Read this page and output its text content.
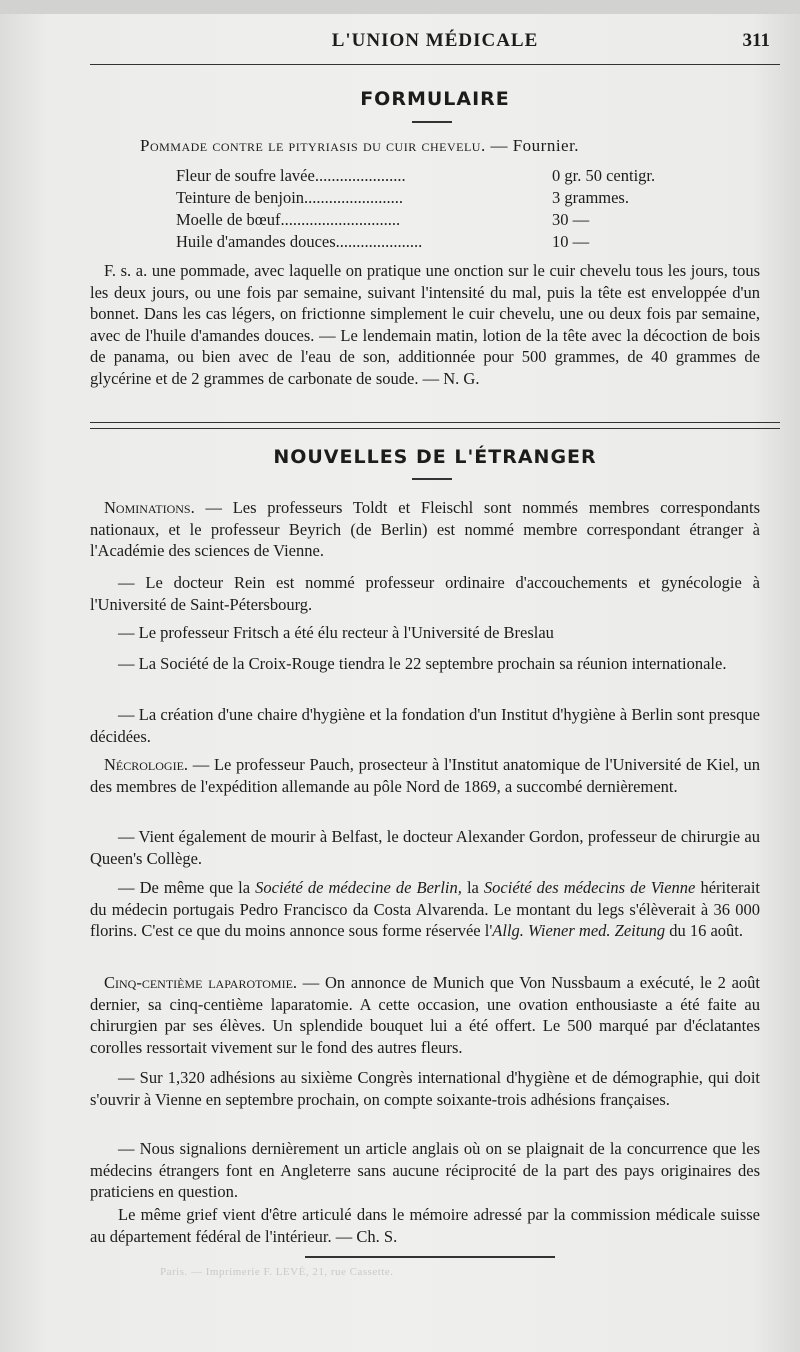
L'UNION MÉDICALE	311
FORMULAIRE
Pommade contre le pityriasis du cuir chevelu. — Fournier.
Fleur de soufre lavée......................	0 gr. 50 centigr.
Teinture de benjoin........................	3 grammes.
Moelle de bœuf.............................	30 —
Huile d'amandes douces.....................	10 —

F. s. a. une pommade, avec laquelle on pratique une onction sur le cuir chevelu tous les jours, tous les deux jours, ou une fois par semaine, suivant l'intensité du mal, puis la tête est enveloppée d'un bonnet. Dans les cas légers, on frictionne simplement le cuir chevelu, une ou deux fois par semaine, avec de l'huile d'amandes douces. — Le lendemain matin, lotion de la tête avec la décoction de bois de panama, ou bien avec de l'eau de son, additionnée pour 500 grammes, de 40 grammes de glycérine et de 2 grammes de carbonate de soude. — N. G.

NOUVELLES DE L'ÉTRANGER

Nominations. — Les professeurs Toldt et Fleischl sont nommés membres correspondants nationaux, et le professeur Beyrich (de Berlin) est nommé membre correspondant étranger à l'Académie des sciences de Vienne.

— Le docteur Rein est nommé professeur ordinaire d'accouchements et gynécologie à l'Université de Saint-Pétersbourg.

— Le professeur Fritsch a été élu recteur à l'Université de Breslau

— La Société de la Croix-Rouge tiendra le 22 septembre prochain sa réunion internationale.

— La création d'une chaire d'hygiène et la fondation d'un Institut d'hygiène à Berlin sont presque décidées.

Nécrologie. — Le professeur Pauch, prosecteur à l'Institut anatomique de l'Université de Kiel, un des membres de l'expédition allemande au pôle Nord de 1869, a succombé dernièrement.

— Vient également de mourir à Belfast, le docteur Alexander Gordon, professeur de chirurgie au Queen's Collège.

— De même que la Société de médecine de Berlin, la Société des médecins de Vienne hériterait du médecin portugais Pedro Francisco da Costa Alvarenda. Le montant du legs s'élèverait à 36 000 florins. C'est ce que du moins annonce sous forme réservée l'Allg. Wiener med. Zeitung du 16 août.

Cinq-centième laparotomie. — On annonce de Munich que Von Nussbaum a exécuté, le 2 août dernier, sa cinq-centième laparatomie. A cette occasion, une ovation enthousiaste a été faite au chirurgien par ses élèves. Un splendide bouquet lui a été offert. Le 500 marqué par d'éclatantes corolles ressortait vivement sur le fond des autres fleurs.

— Sur 1,320 adhésions au sixième Congrès international d'hygiène et de démographie, qui doit s'ouvrir à Vienne en septembre prochain, on compte soixante-trois adhésions françaises.

— Nous signalions dernièrement un article anglais où on se plaignait de la concurrence que les médecins étrangers font en Angleterre sans aucune réciprocité de la part des pays originaires des praticiens en question.

Le même grief vient d'être articulé dans le mémoire adressé par la commission médicale suisse au département fédéral de l'intérieur. — Ch. S.

Paris. — Imprimerie F. LEVÉ, 21, rue Cassette.
